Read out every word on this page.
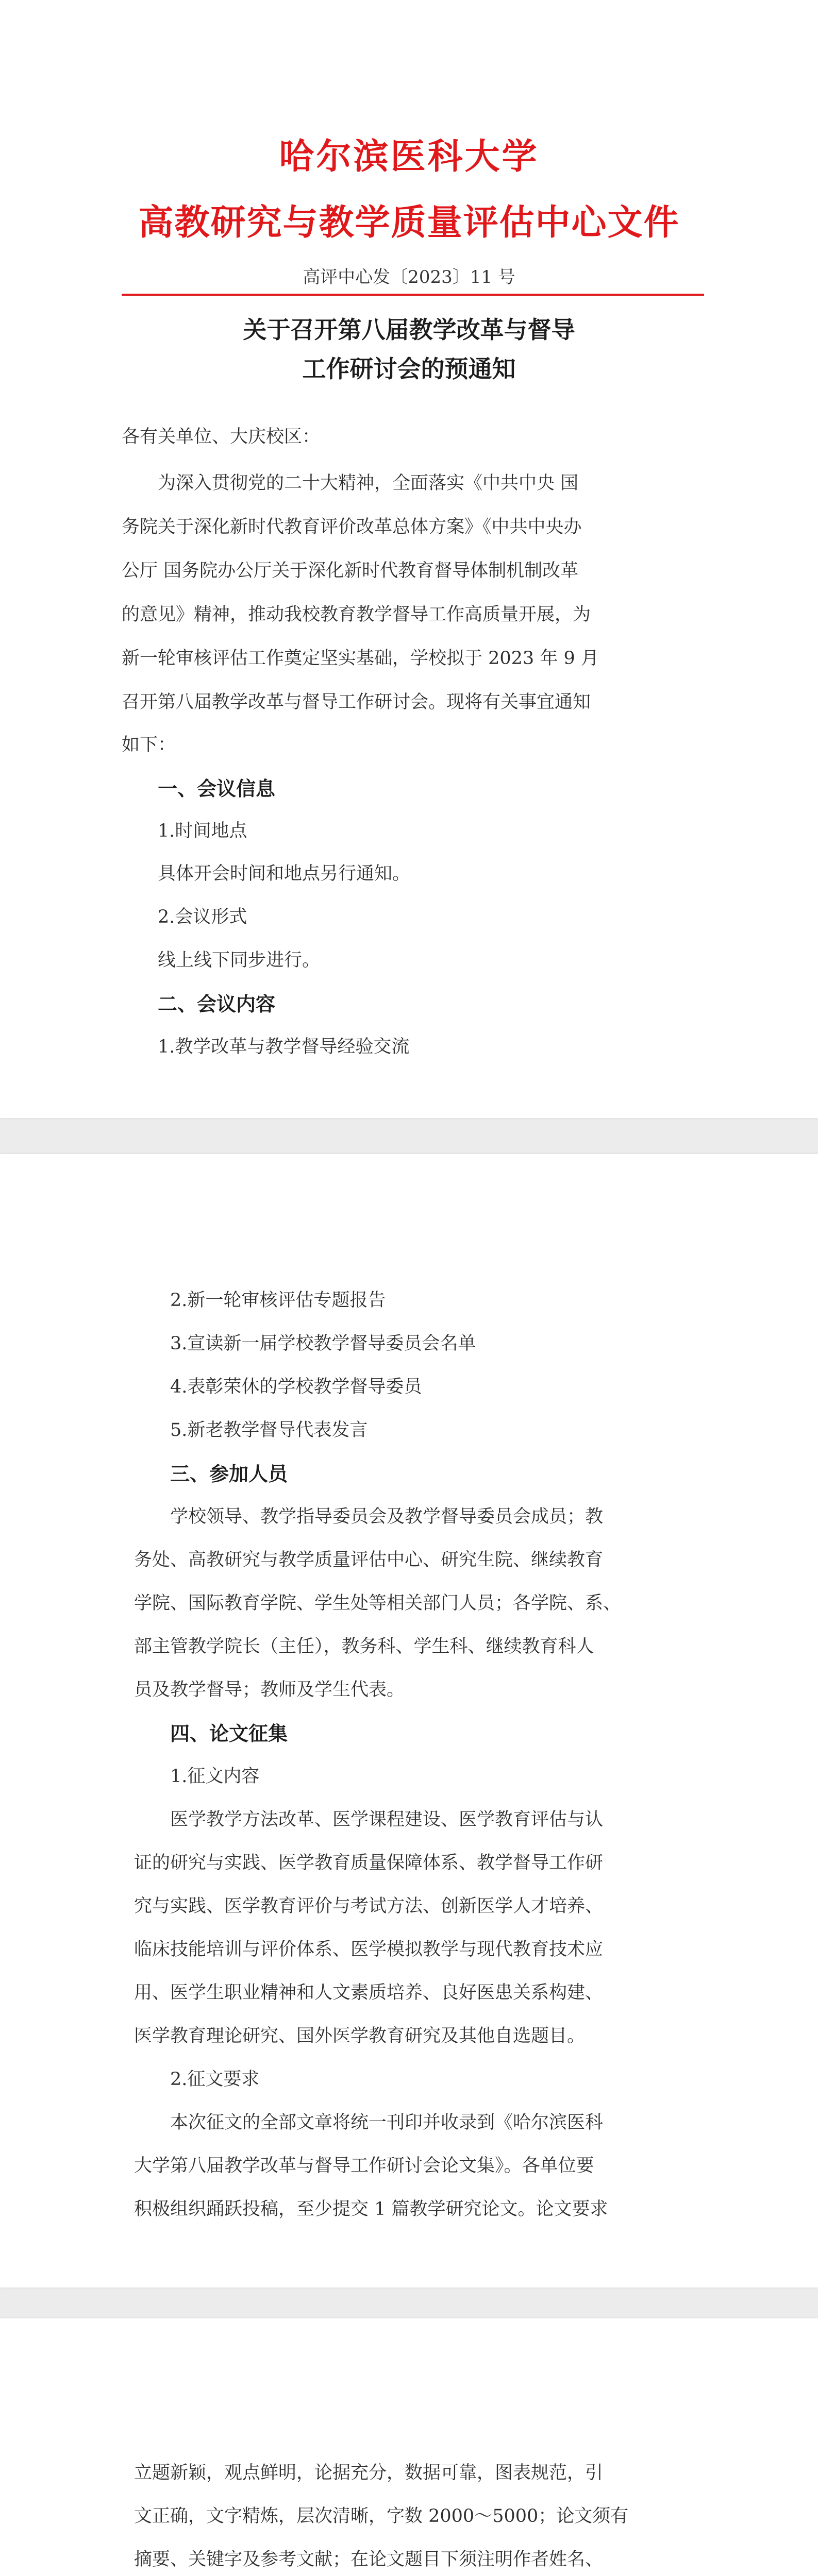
哈尔滨医科大学
高教研究与教学质量评估中心文件
高评中心发〔2023〕11 号
关于召开第八届教学改革与督导
工作研讨会的预通知
各有关单位、大庆校区：
为深入贯彻党的二十大精神，全面落实《中共中央 国
务院关于深化新时代教育评价改革总体方案》《中共中央办
公厅 国务院办公厅关于深化新时代教育督导体制机制改革
的意见》精神，推动我校教育教学督导工作高质量开展，为
新一轮审核评估工作奠定坚实基础，学校拟于 2023 年 9 月
召开第八届教学改革与督导工作研讨会。现将有关事宜通知
如下：
一、会议信息
1.时间地点
具体开会时间和地点另行通知。
2.会议形式
线上线下同步进行。
二、会议内容
1.教学改革与教学督导经验交流
2.新一轮审核评估专题报告
3.宣读新一届学校教学督导委员会名单
4.表彰荣休的学校教学督导委员
5.新老教学督导代表发言
三、参加人员
学校领导、教学指导委员会及教学督导委员会成员；教
务处、高教研究与教学质量评估中心、研究生院、继续教育
学院、国际教育学院、学生处等相关部门人员；各学院、系、
部主管教学院长（主任），教务科、学生科、继续教育科人
员及教学督导；教师及学生代表。
四、论文征集
1.征文内容
医学教学方法改革、医学课程建设、医学教育评估与认
证的研究与实践、医学教育质量保障体系、教学督导工作研
究与实践、医学教育评价与考试方法、创新医学人才培养、
临床技能培训与评价体系、医学模拟教学与现代教育技术应
用、医学生职业精神和人文素质培养、良好医患关系构建、
医学教育理论研究、国外医学教育研究及其他自选题目。
2.征文要求
本次征文的全部文章将统一刊印并收录到《哈尔滨医科
大学第八届教学改革与督导工作研讨会论文集》。各单位要
积极组织踊跃投稿，至少提交 1 篇教学研究论文。论文要求
立题新颖，观点鲜明，论据充分，数据可靠，图表规范，引
文正确，文字精炼，层次清晰，字数 2000～5000；论文须有
摘要、关键字及参考文献；在论文题目下须注明作者姓名、
